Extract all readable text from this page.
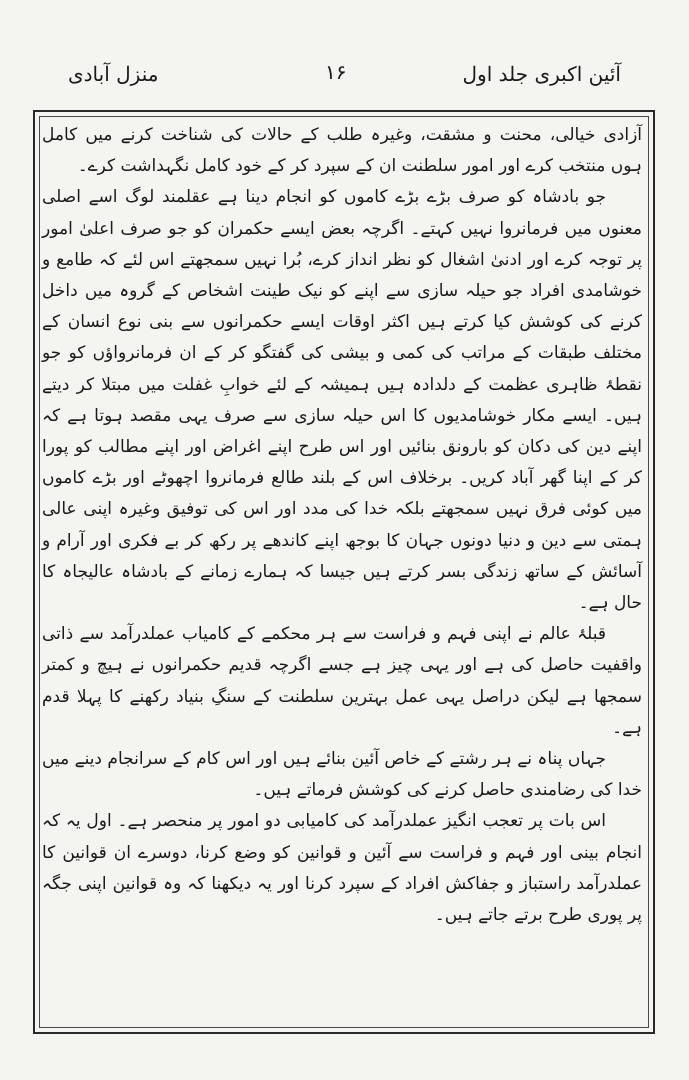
منزل آبادی	۱۶	آئین اکبری جلد اول

آزادی خیالی، محنت و مشقت، وغیرہ طلب کے حالات کی شناخت کرنے میں کامل ہوں منتخب کرے اور امور سلطنت ان کے سپرد کر کے خود کامل نگہداشت کرے۔

جو بادشاہ کو صرف بڑے بڑے کاموں کو انجام دینا ہے عقلمند لوگ اسے اصلی معنوں میں فرمانروا نہیں کہتے۔ اگرچہ بعض ایسے حکمران کو جو صرف اعلیٰ امور پر توجہ کرے اور ادنیٰ اشغال کو نظر انداز کرے، بُرا نہیں سمجھتے اس لئے کہ طامع و خوشامدی افراد جو حیلہ سازی سے اپنے کو نیک طینت اشخاص کے گروہ میں داخل کرنے کی کوشش کیا کرتے ہیں اکثر اوقات ایسے حکمرانوں سے بنی نوع انسان کے مختلف طبقات کے مراتب کی کمی و بیشی کی گفتگو کر کے ان فرمانرواؤں کو جو نقطۂ ظاہری عظمت کے دلدادہ ہیں ہمیشہ کے لئے خوابِ غفلت میں مبتلا کر دیتے ہیں۔ ایسے مکار خوشامدیوں کا اس حیلہ سازی سے صرف یہی مقصد ہوتا ہے کہ اپنے دین کی دکان کو بارونق بنائیں اور اس طرح اپنے اغراض اور اپنے مطالب کو پورا کر کے اپنا گھر آباد کریں۔ برخلاف اس کے بلند طالع فرمانروا اچھوٹے اور بڑے کاموں میں کوئی فرق نہیں سمجھتے بلکہ خدا کی مدد اور اس کی توفیق وغیرہ اپنی عالی ہمتی سے دین و دنیا دونوں جہان کا بوجھ اپنے کاندھے پر رکھ کر بے فکری اور آرام و آسائش کے ساتھ زندگی بسر کرتے ہیں جیسا کہ ہمارے زمانے کے بادشاہ عالیجاہ کا حال ہے۔

قبلۂ عالم نے اپنی فہم و فراست سے ہر محکمے کے کامیاب عملدرآمد سے ذاتی واقفیت حاصل کی ہے اور یہی چیز ہے جسے اگرچہ قدیم حکمرانوں نے ہیچ و کمتر سمجھا ہے لیکن دراصل یہی عمل بہترین سلطنت کے سنگِ بنیاد رکھنے کا پہلا قدم ہے۔

جہاں پناہ نے ہر رشتے کے خاص آئین بنائے ہیں اور اس کام کے سرانجام دینے میں خدا کی رضامندی حاصل کرنے کی کوشش فرماتے ہیں۔

اس بات پر تعجب انگیز عملدرآمد کی کامیابی دو امور پر منحصر ہے۔ اول یہ کہ انجام بینی اور فہم و فراست سے آئین و قوانین کو وضع کرنا، دوسرے ان قوانین کا عملدرآمد راستباز و جفاکش افراد کے سپرد کرنا اور یہ دیکھنا کہ وہ قوانین اپنی جگہ پر پوری طرح برتے جاتے ہیں۔
